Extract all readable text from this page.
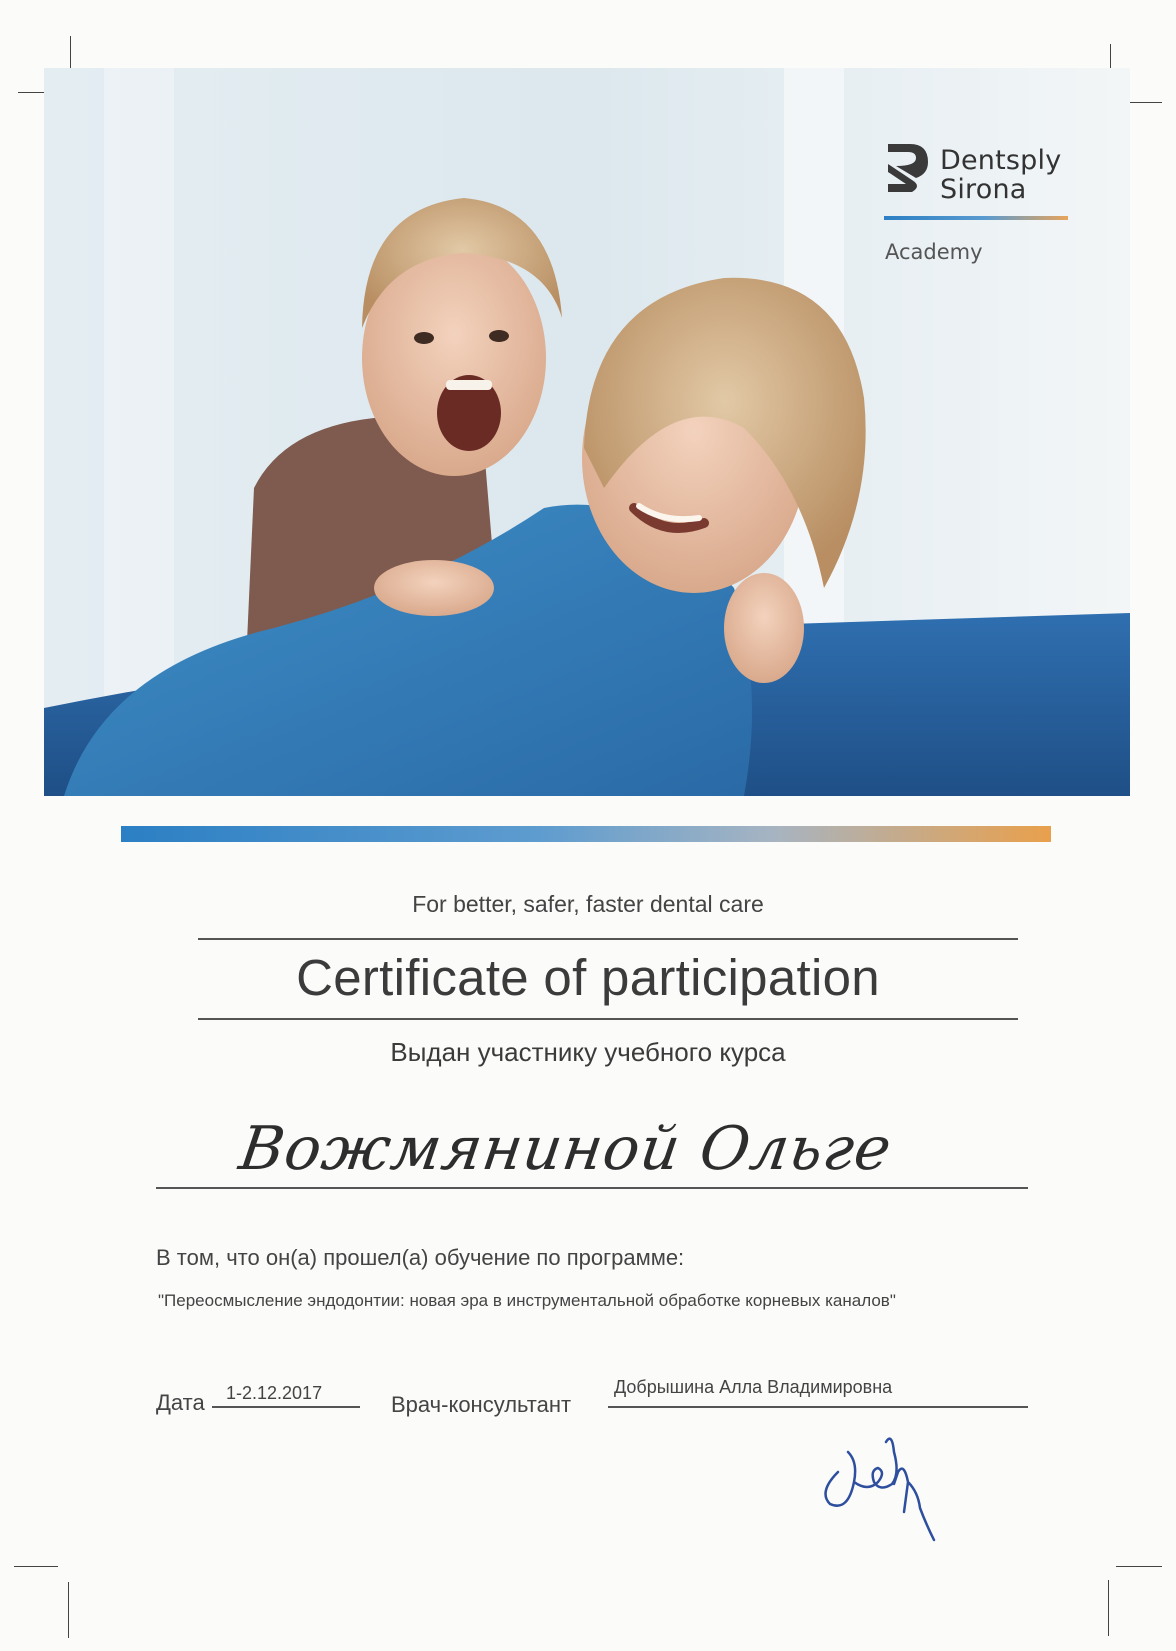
Dentsply
Sirona
Academy
For better, safer, faster dental care
Certificate of participation
Выдан участнику учебного курса
Вожмяниной Ольге
В том, что он(а) прошел(а) обучение по программе:
"Переосмысление эндодонтии: новая эра в инструментальной обработке корневых каналов"
Дата 1-2.12.2017	Врач-консультант
Добрышина Алла Владимировна
